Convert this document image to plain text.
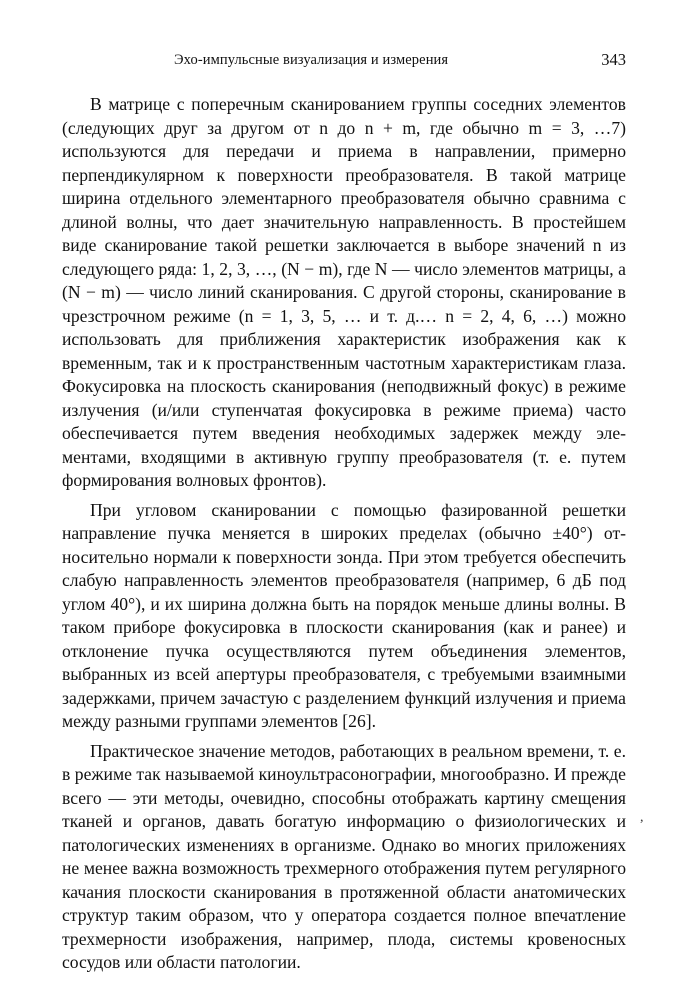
Эхо-импульсные визуализация и измерения	343

В матрице с поперечным сканированием группы соседних элементов (следующих друг за другом от n до n + m, где обычно m = 3, …7) используются для передачи и приема в направлении, примерно перпендикулярном к поверхности преобразователя. В такой матрице ширина отдельного элементарного преобразователя обычно сравнима с длиной волны, что дает значительную направленность. В простейшем виде сканирование такой решетки заключается в выборе значений n из следующего ряда: 1, 2, 3, …, (N − m), где N — число элементов матрицы, а (N − m) — число линий сканирования. С другой стороны, сканирование в чрезстрочном режиме (n = 1, 3, 5, … и т. д.… n = 2, 4, 6, …) можно использовать для приближения характеристик изображения как к временным, так и к пространственным частотным характеристикам глаза. Фокусировка на плоскость сканирования (неподвижный фокус) в режиме излучения (и/или ступенчатая фокусировка в режиме приема) часто обеспечивается путем введения необходимых задержек между элементами, входящими в активную группу преобразователя (т. е. путем формирования волновых фронтов).

При угловом сканировании с помощью фазированной решетки направление пучка меняется в широких пределах (обычно ±40°) относительно нормали к поверхности зонда. При этом требуется обеспечить слабую направленность элементов преобразователя (например, 6 дБ под углом 40°), и их ширина должна быть на порядок меньше длины волны. В таком приборе фокусировка в плоскости сканирования (как и ранее) и отклонение пучка осуществляются путем объединения элементов, выбранных из всей апертуры преобразователя, с требуемыми взаимными задержками, причем зачастую с разделением функций излучения и приема между разными группами элементов [26].

Практическое значение методов, работающих в реальном времени, т. е. в режиме так называемой киноультрасонографии, многообразно. И прежде всего — эти методы, очевидно, способны отображать картину смещения тканей и органов, давать богатую информацию о физиологических и патологических изменениях в организме. Однако во многих приложениях не менее важна возможность трехмерного отображения путем регулярного качания плоскости сканирования в протяженной области анатомических структур таким образом, что у оператора создается полное впечатление трехмерности изображения, например, плода, системы кровеносных сосудов или области патологии.

,
